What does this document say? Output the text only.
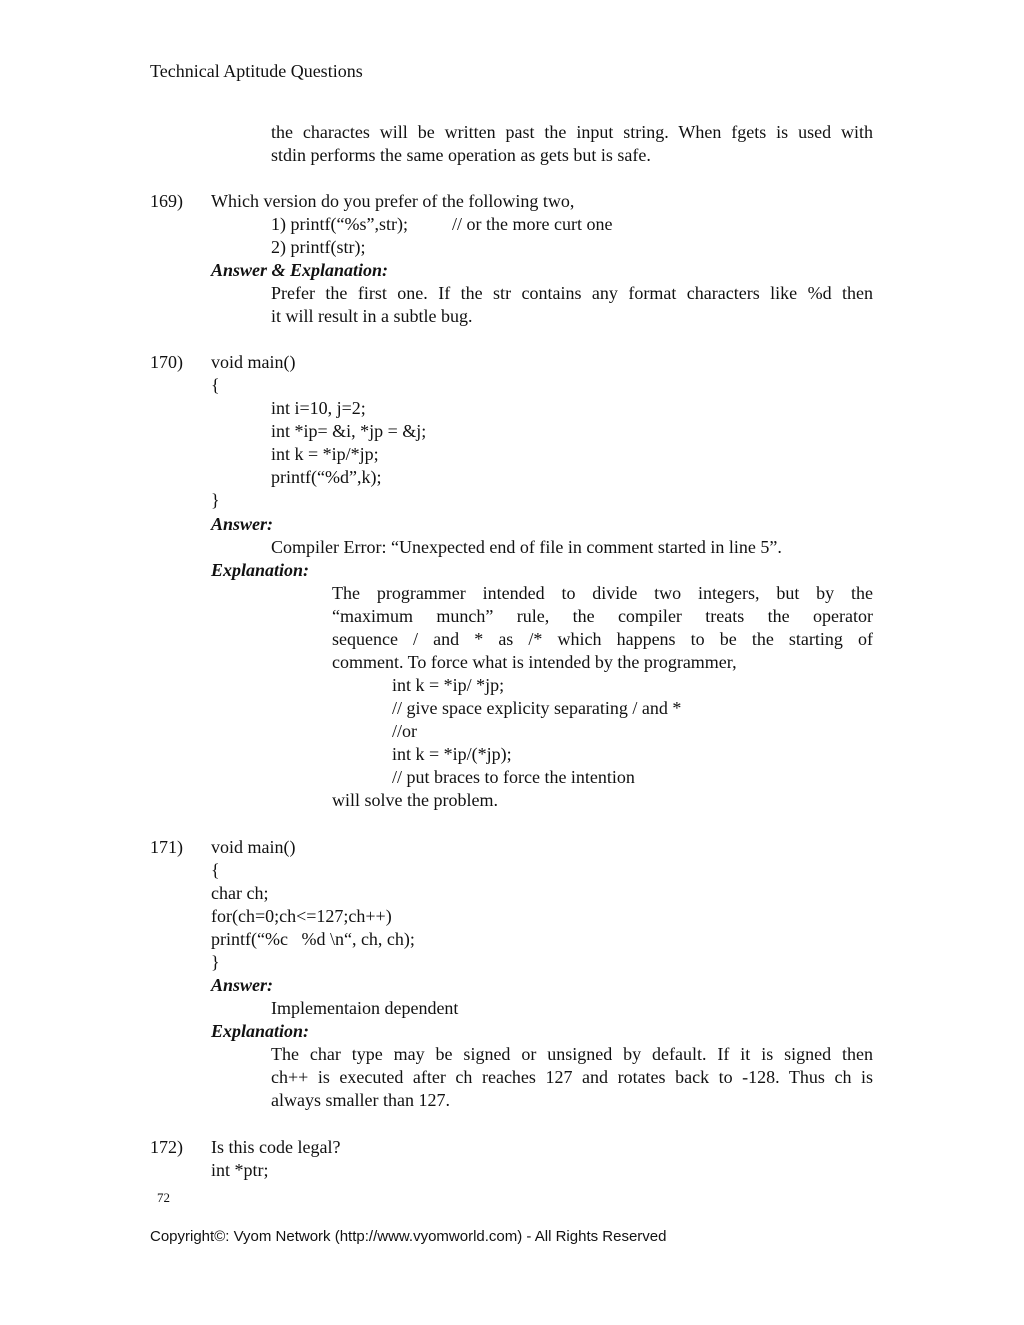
Technical Aptitude Questions
the charactes will be written past the input string. When fgets is used with
stdin performs the same operation as gets but is safe.
169) Which version do you prefer of the following two,
1) printf(“%s”,str); // or the more curt one
2) printf(str);
Answer & Explanation:
Prefer the first one. If the str contains any format characters like %d then
it will result in a subtle bug.
170) void main()
{
int i=10, j=2;
int *ip= &i, *jp = &j;
int k = *ip/*jp;
printf(“%d”,k);
}
Answer:
Compiler Error: “Unexpected end of file in comment started in line 5”.
Explanation:
The programmer intended to divide two integers, but by the
“maximum munch” rule, the compiler treats the operator
sequence / and * as /* which happens to be the starting of
comment. To force what is intended by the programmer,
int k = *ip/ *jp;
// give space explicity separating / and *
//or
int k = *ip/(*jp);
// put braces to force the intention
will solve the problem.
171) void main()
{
char ch;
for(ch=0;ch<=127;ch++)
printf(“%c   %d \n“, ch, ch);
}
Answer:
Implementaion dependent
Explanation:
The char type may be signed or unsigned by default. If it is signed then
ch++ is executed after ch reaches 127 and rotates back to -128. Thus ch is
always smaller than 127.
172) Is this code legal?
int *ptr;
72
Copyright©: Vyom Network (http://www.vyomworld.com) - All Rights Reserved
